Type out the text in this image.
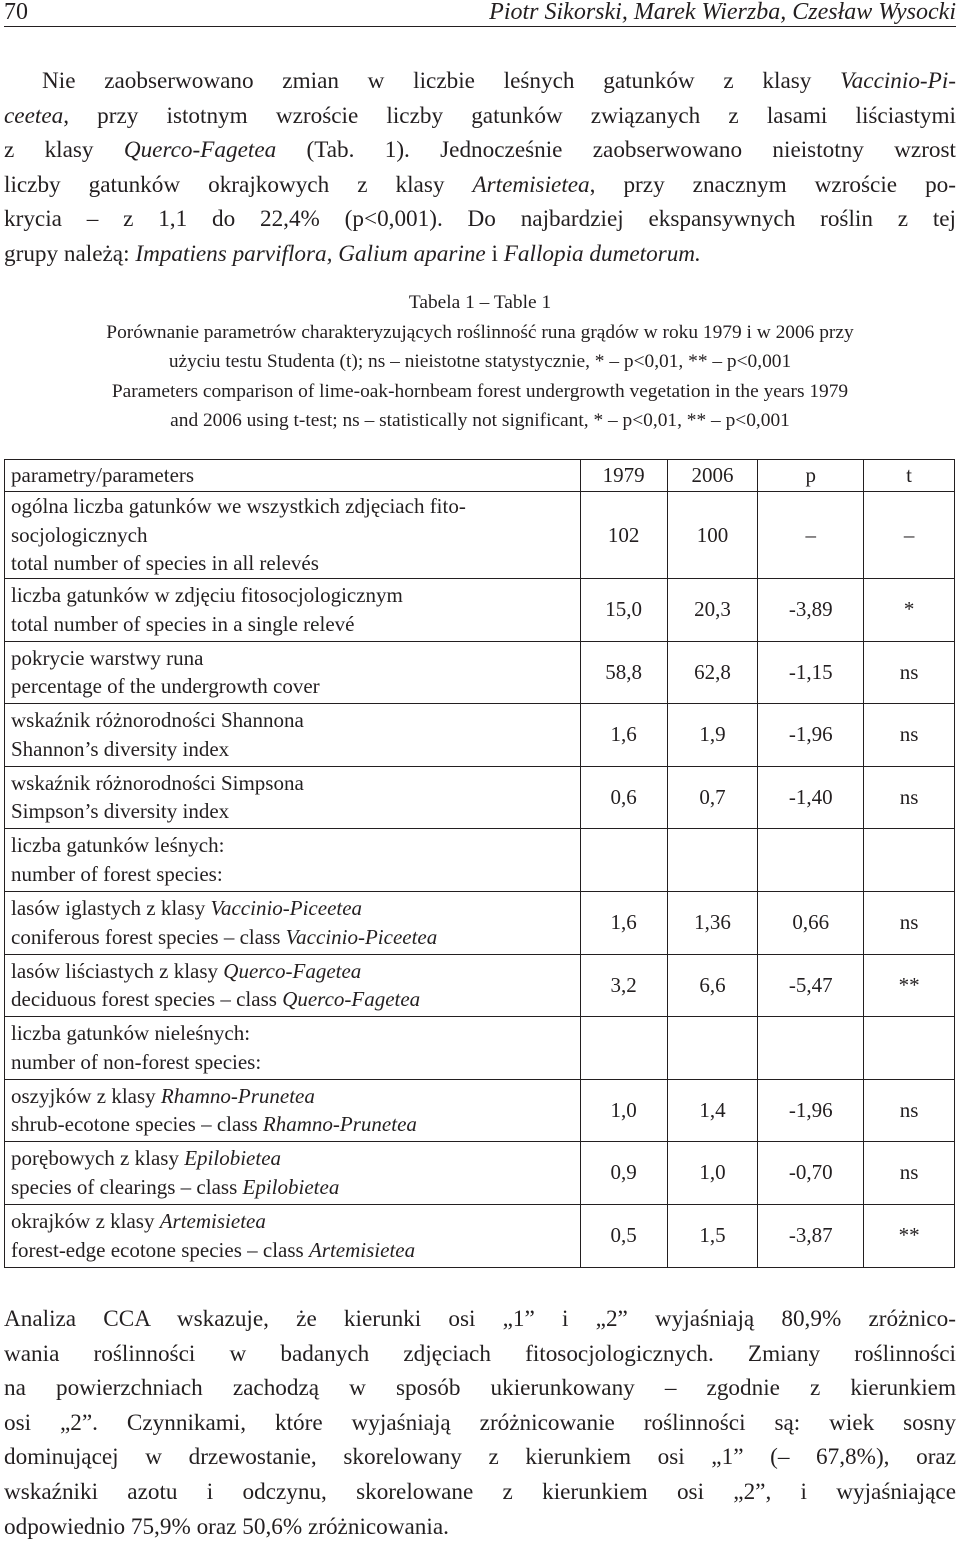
70	Piotr Sikorski, Marek Wierzba, Czesław Wysocki
Nie zaobserwowano zmian w liczbie leśnych gatunków z klasy Vaccinio-Pi-
ceetea, przy istotnym wzroście liczby gatunków związanych z lasami liściastymi
z klasy Querco-Fagetea (Tab. 1). Jednocześnie zaobserwowano nieistotny wzrost
liczby gatunków okrajkowych z klasy Artemisietea, przy znacznym wzroście po-
krycia – z 1,1 do 22,4% (p<0,001). Do najbardziej ekspansywnych roślin z tej
grupy należą: Impatiens parviflora, Galium aparine i Fallopia dumetorum.
Tabela 1 – Table 1
Porównanie parametrów charakteryzujących roślinność runa grądów w roku 1979 i w 2006 przy
użyciu testu Studenta (t); ns – nieistotne statystycznie, * – p<0,01, ** – p<0,001
Parameters comparison of lime-oak-hornbeam forest undergrowth vegetation in the years 1979
and 2006 using t-test; ns – statistically not significant, * – p<0,01, ** – p<0,001
parametry/parameters	1979	2006	p	t

ogólna liczba gatunków we wszystkich zdjęciach fito-
socjologicznych
total number of species in all relevés	102	100	–	–

liczba gatunków w zdjęciu fitosocjologicznym
total number of species in a single relevé	15,0	20,3	-3,89	*

pokrycie warstwy runa
percentage of the undergrowth cover	58,8	62,8	-1,15	ns

wskaźnik różnorodności Shannona
Shannon’s diversity index	1,6	1,9	-1,96	ns

wskaźnik różnorodności Simpsona
Simpson’s diversity index	0,6	0,7	-1,40	ns

liczba gatunków leśnych:
number of forest species:				

lasów iglastych z klasy Vaccinio-Piceetea
coniferous forest species – class Vaccinio-Piceetea	1,6	1,36	0,66	ns

lasów liściastych z klasy Querco-Fagetea
deciduous forest species – class Querco-Fagetea	3,2	6,6	-5,47	**

liczba gatunków nieleśnych:
number of non-forest species:				

oszyjków z klasy Rhamno-Prunetea
shrub-ecotone species – class Rhamno-Prunetea	1,0	1,4	-1,96	ns

porębowych z klasy Epilobietea
species of clearings – class Epilobietea	0,9	1,0	-0,70	ns

okrajków z klasy Artemisietea
forest-edge ecotone species – class Artemisietea	0,5	1,5	-3,87	**
Analiza CCA wskazuje, że kierunki osi „1” i „2” wyjaśniają 80,9% zróżnico-
wania roślinności w badanych zdjęciach fitosocjologicznych. Zmiany roślinności
na powierzchniach zachodzą w sposób ukierunkowany – zgodnie z kierunkiem
osi „2”. Czynnikami, które wyjaśniają zróżnicowanie roślinności są: wiek sosny
dominującej w drzewostanie, skorelowany z kierunkiem osi „1” (– 67,8%), oraz
wskaźniki azotu i odczynu, skorelowane z kierunkiem osi „2”, i wyjaśniające
odpowiednio 75,9% oraz 50,6% zróżnicowania.
